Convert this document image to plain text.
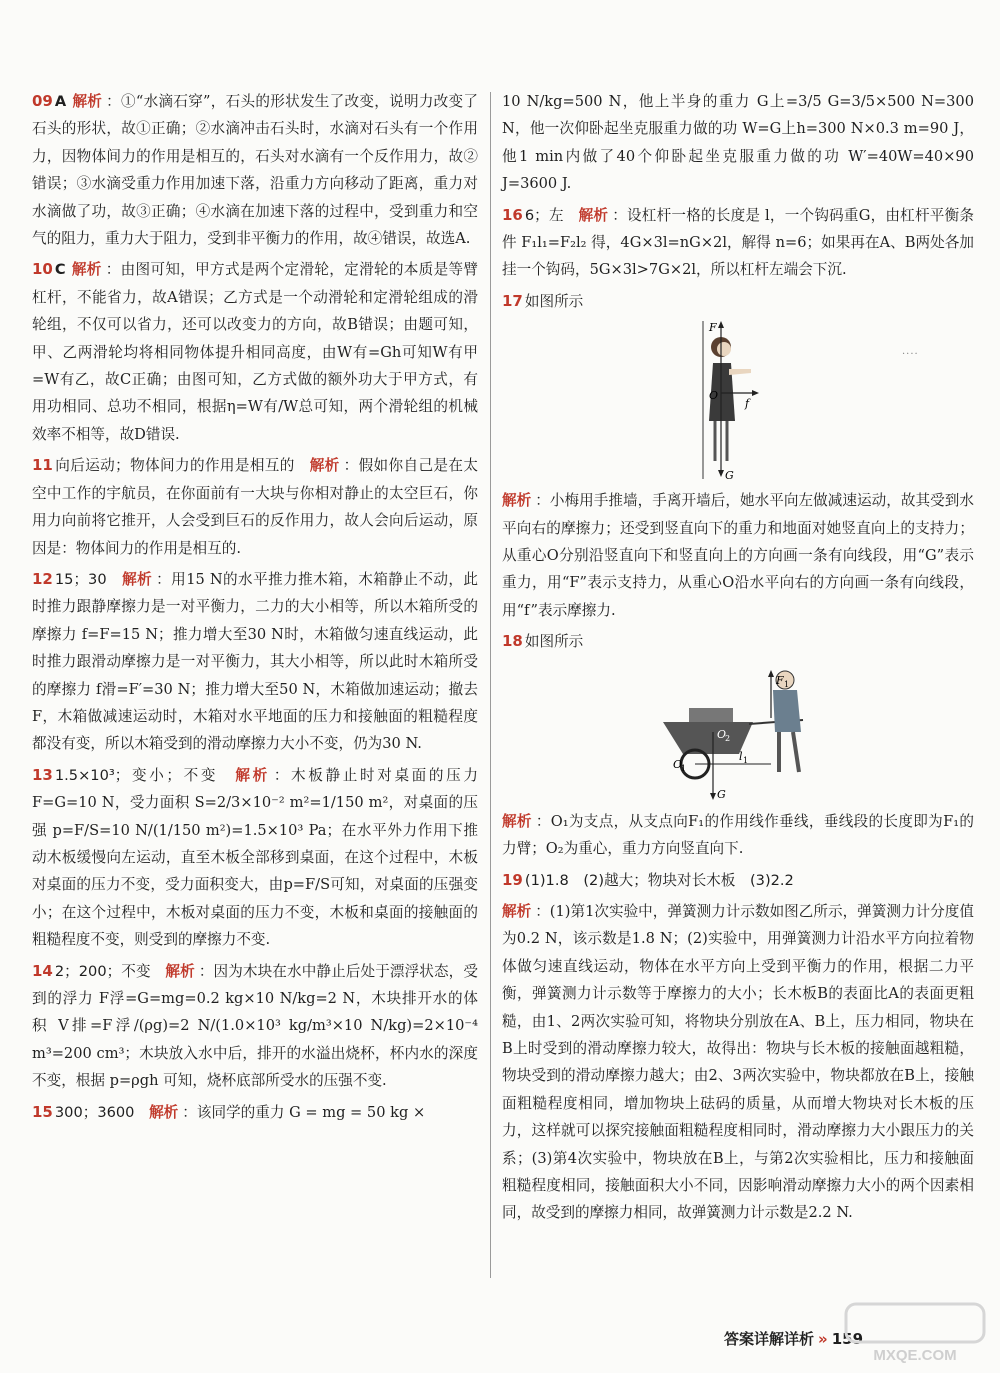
····
09 A 解析 ：①“水滴石穿”，石头的形状发生了改变，说明力改变了石头的形状，故①正确；②水滴冲击石头时，水滴对石头有一个作用力，因物体间力的作用是相互的，石头对水滴有一个反作用力，故②错误；③水滴受重力作用加速下落，沿重力方向移动了距离，重力对水滴做了功，故③正确；④水滴在加速下落的过程中，受到重力和空气的阻力，重力大于阻力，受到非平衡力的作用，故④错误，故选A.
10 C 解析 ：由图可知，甲方式是两个定滑轮，定滑轮的本质是等臂杠杆，不能省力，故A错误；乙方式是一个动滑轮和定滑轮组成的滑轮组，不仅可以省力，还可以改变力的方向，故B错误；由题可知，甲、乙两滑轮均将相同物体提升相同高度，由W有=Gh可知W有甲=W有乙，故C正确；由图可知，乙方式做的额外功大于甲方式，有用功相同、总功不相同，根据η=W有/W总可知，两个滑轮组的机械效率不相等，故D错误.
11 向后运动；物体间力的作用是相互的　 解析 ：假如你自己是在太空中工作的宇航员，在你面前有一大块与你相对静止的太空巨石，你用力向前将它推开，人会受到巨石的反作用力，故人会向后运动，原因是：物体间力的作用是相互的.
12 15；30　 解析 ：用15 N的水平推力推木箱，木箱静止不动，此时推力跟静摩擦力是一对平衡力，二力的大小相等，所以木箱所受的摩擦力 f=F=15 N；推力增大至30 N时，木箱做匀速直线运动，此时推力跟滑动摩擦力是一对平衡力，其大小相等，所以此时木箱所受的摩擦力 f滑=F′=30 N；推力增大至50 N，木箱做加速运动；撤去F，木箱做减速运动时，木箱对水平地面的压力和接触面的粗糙程度都没有变，所以木箱受到的滑动摩擦力大小不变，仍为30 N.
13 1.5×10³；变小；不变　 解析 ：木板静止时对桌面的压力 F=G=10 N，受力面积 S=2/3×10⁻² m²=1/150 m²，对桌面的压强 p=F/S=10 N/(1/150 m²)=1.5×10³ Pa；在水平外力作用下推动木板缓慢向左运动，直至木板全部移到桌面，在这个过程中，木板对桌面的压力不变，受力面积变大，由p=F/S可知，对桌面的压强变小；在这个过程中，木板对桌面的压力不变，木板和桌面的接触面的粗糙程度不变，则受到的摩擦力不变.
14 2；200；不变　 解析 ：因为木块在水中静止后处于漂浮状态，受到的浮力 F浮=G=mg=0.2 kg×10 N/kg=2 N，木块排开水的体积 V排=F浮/(ρg)=2 N/(1.0×10³ kg/m³×10 N/kg)=2×10⁻⁴ m³=200 cm³；木块放入水中后，排开的水溢出烧杯，杯内水的深度不变，根据 p=ρgh 可知，烧杯底部所受水的压强不变.
15 300；3600　 解析 ：该同学的重力 G = mg = 50 kg ×
10 N/kg=500 N，他上半身的重力 G上=3/5 G=3/5×500 N=300 N，他一次仰卧起坐克服重力做的功 W=G上h=300 N×0.3 m=90 J，他1 min内做了40个仰卧起坐克服重力做的功 W′=40W=40×90 J=3600 J.
16 6；左　 解析 ：设杠杆一格的长度是 l，一个钩码重G，由杠杆平衡条件 F₁l₁=F₂l₂ 得，4G×3l=nG×2l，解得 n=6；如果再在A、B两处各加挂一个钩码，5G×3l>7G×2l，所以杠杆左端会下沉.
17 如图所示
F
O
f
G
解析 ：小梅用手推墙，手离开墙后，她水平向左做减速运动，故其受到水平向右的摩擦力；还受到竖直向下的重力和地面对她竖直向上的支持力；从重心O分别沿竖直向下和竖直向上的方向画一条有向线段，用“G”表示重力，用“F”表示支持力，从重心O沿水平向右的方向画一条有向线段，用“f”表示摩擦力.
18 如图所示
F 1
O
1
O
2
l 1
G
解析 ：O₁为支点，从支点向F₁的作用线作垂线，垂线段的长度即为F₁的力臂；O₂为重心，重力方向竖直向下.
19 (1)1.8　(2)越大；物块对长木板　(3)2.2
解析 ：(1)第1次实验中，弹簧测力计示数如图乙所示，弹簧测力计分度值为0.2 N，该示数是1.8 N；(2)实验中，用弹簧测力计沿水平方向拉着物体做匀速直线运动，物体在水平方向上受到平衡力的作用，根据二力平衡，弹簧测力计示数等于摩擦力的大小；长木板B的表面比A的表面更粗糙，由1、2两次实验可知，将物块分别放在A、B上，压力相同，物块在B上时受到的滑动摩擦力较大，故得出：物块与长木板的接触面越粗糙，物块受到的滑动摩擦力越大；由2、3两次实验中，物块都放在B上，接触面粗糙程度相同，增加物块上砝码的质量，从而增大物块对长木板的压力，这样就可以探究接触面粗糙程度相同时，滑动摩擦力大小跟压力的关系；(3)第4次实验中，物块放在B上，与第2次实验相比，压力和接触面粗糙程度相同，接触面积大小不同，因影响滑动摩擦力大小的两个因素相同，故受到的摩擦力相同，故弹簧测力计示数是2.2 N.
答案详解详析 » 159
MXQE.COM
